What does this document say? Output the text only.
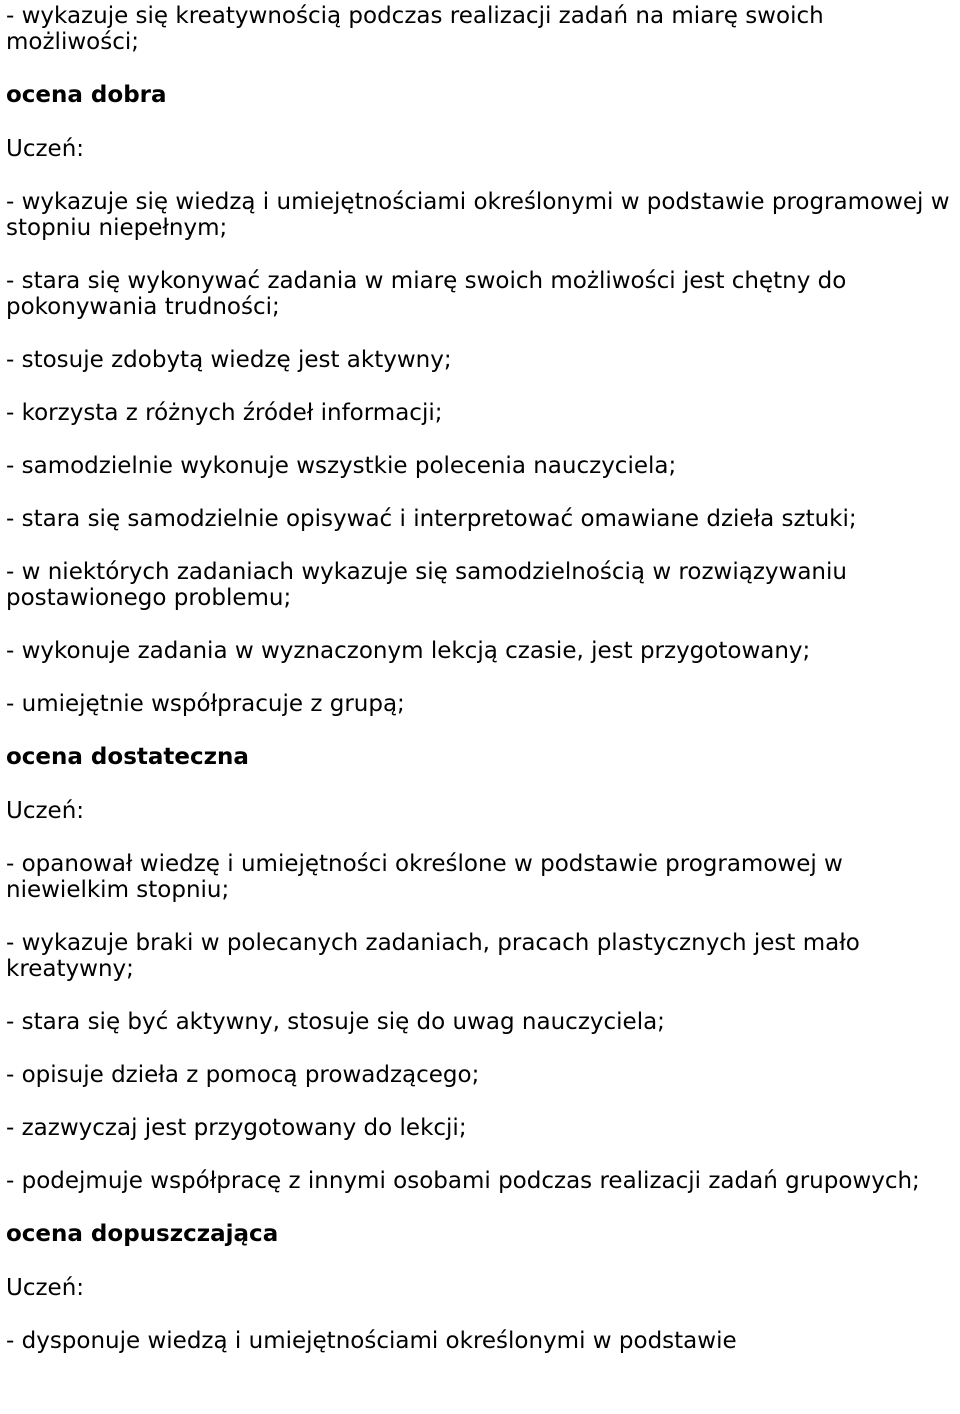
- wykazuje się kreatywnością podczas realizacji zadań na miarę swoich możliwości;
ocena dobra
Uczeń:
- wykazuje się wiedzą i umiejętnościami określonymi w podstawie programowej w stopniu niepełnym;
- stara się wykonywać zadania w miarę swoich możliwości jest chętny do pokonywania trudności;
- stosuje zdobytą wiedzę jest aktywny;
- korzysta z różnych źródeł informacji;
- samodzielnie wykonuje wszystkie polecenia nauczyciela;
- stara się samodzielnie opisywać i interpretować omawiane dzieła sztuki;
- w niektórych zadaniach wykazuje się samodzielnością w rozwiązywaniu postawionego problemu;
- wykonuje zadania w wyznaczonym lekcją czasie, jest przygotowany;
- umiejętnie współpracuje z grupą;
ocena dostateczna
Uczeń:
- opanował wiedzę i umiejętności określone w podstawie programowej w niewielkim stopniu;
- wykazuje braki w polecanych zadaniach, pracach plastycznych jest mało kreatywny;
- stara się być aktywny, stosuje się do uwag nauczyciela;
- opisuje dzieła z pomocą prowadzącego;
- zazwyczaj jest przygotowany do lekcji;
- podejmuje współpracę z innymi osobami podczas realizacji zadań grupowych;
ocena dopuszczająca
Uczeń:
- dysponuje wiedzą i umiejętnościami określonymi w podstawie
